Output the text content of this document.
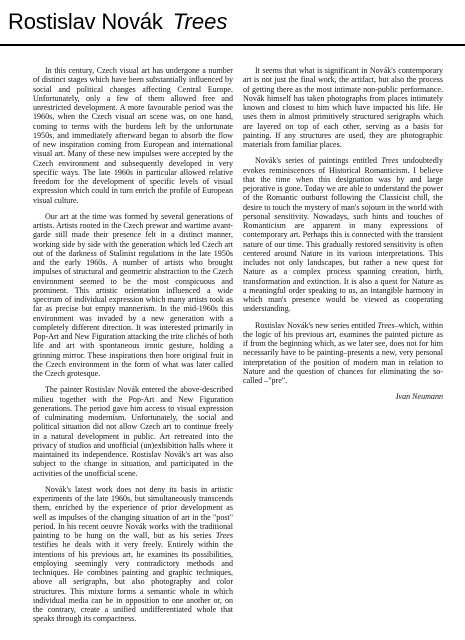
Rostislav Novák Trees

In this century, Czech visual art has undergone a number of distinct stages which have been substantially influenced by social and political changes affecting Central Europe. Unfortunately, only a few of them allowed free and unrestricted development. A more favourable period was the 1960s, when the Czech visual art scene was, on one hand, coming to terms with the burdens left by the unfortunate 1950s, and immediately afterward began to absorb the flow of new inspiration coming from European and international visual art. Many of these new impulses were accepted by the Czech environment and subsequently developed in very specific ways. The late 1960s in particular allowed relative freedom for the development of specific levels of visual expression which could in turn enrich the profile of European visual culture.

Our art at the time was formed by several generations of artists. Artists rooted in the Czech prewar and wartime avant-garde still made their presence felt in a distinct manner, working side by side with the generation which led Czech art out of the darkness of Stalinist regulations in the late 1950s and the early 1960s. A number of artists who brought impulses of structural and geometric abstraction to the Czech environment seemed to be the most conspicuous and prominent. This artistic orientation influenced a wide spectrum of individual expression which many artists took as far as precise but empty mannerism. In the mid-1960s this environment was invaded by a new generation with a completely different direction. It was interested primarily in Pop-Art and New Figuration attacking the trite clichés of both life and art with spontaneous ironic gesture, holding a grinning mirror. These inspirations then bore original fruit in the Czech environment in the form of what was later called the Czech grotesque.

The painter Rostislav Novák entered the above-described milieu together with the Pop-Art and New Figuration generations. The period gave him access to visual expression of culminating modernism. Unfortunately, the social and political situation did not allow Czech art to continue freely in a natural development in public. Art retreated into the privacy of studios and unofficial (un)exhibition halls where it maintained its independence. Rostislav Novák's art was also subject to the change in situation, and participated in the activities of the unofficial scene.

Novák's latest work does not deny its basis in artistic experiments of the late 1960s, but simultaneously transcends them, enriched by the experience of prior development as well as impulses of the changing situation of art in the "post" period. In his recent oeuvre Novák works with the traditional painting to be hung on the wall, but as his series Trees testifies he deals with it very freely. Entirely within the intentions of his previous art, he examines its possibilities, employing seemingly very contradictory methods and techniques. He combines painting and graphic techniques, above all serigraphs, but also photography and color structures. This mixture forms a semantic whole in which individual media can be in opposition to one another or, on the contrary, create a unified undifferentiated whole that speaks through its compactness.

It seems that what is significant in Novák's contemporary art is not just the final work, the artifact, but also the process of getting there as the most intimate non-public performance. Novák himself has taken photographs from places intimately known and closest to him which have impacted his life. He uses them in almost primitively structured serigraphs which are layered on top of each other, serving as a basis for painting. If any structures are used, they are photographic materials from familiar places.

Novák's series of paintings entitled Trees undoubtedly evokes reminiscences of Historical Romanticism. I believe that the time when this designation was by and large pejorative is gone. Today we are able to understand the power of the Romantic outburst following the Classicist chill, the desire to touch the mystery of man's sojourn in the world with personal sensitivity. Nowadays, such hints and touches of Romanticism are apparent in many expressions of contemporary art. Perhaps this is connected with the transient nature of our time. This gradually restored sensitivity is often centered around Nature in its various interpretations. This includes not only landscapes, but rather a new quest for Nature as a complex process spanning creation, birth, transformation and extinction. It is also a quest for Nature as a meaningful order speaking to us, an intangible harmony in which man's presence would be viewed as cooperating understanding.

Rostislav Novák's new series entitled Trees–which, within the logic of his previous art, examines the painted picture as if from the beginning which, as we later see, does not for him necessarily have to be painting–presents a new, very personal interpretation of the position of modern man in relation to Nature and the question of chances for eliminating the so-called –"pre".

Ivan Neumann
